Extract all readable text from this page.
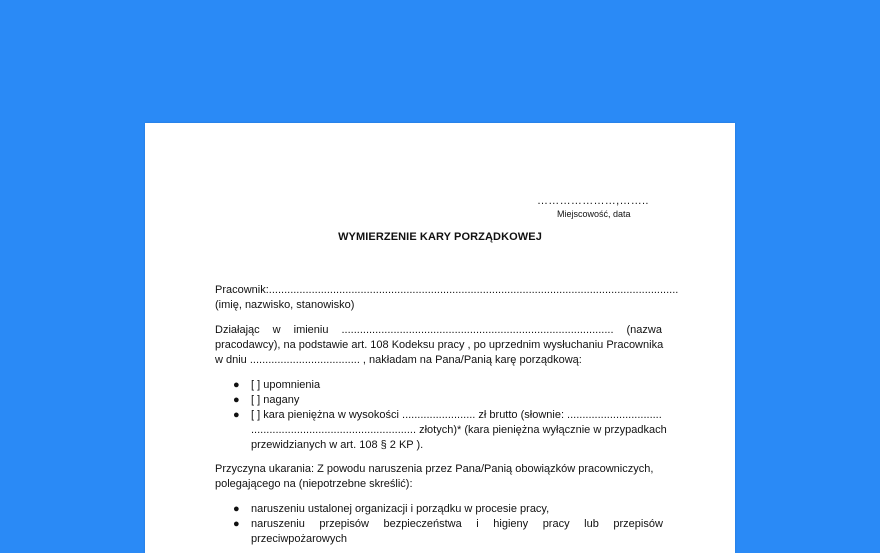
…………………,……..
Miejscowość, data
WYMIERZENIE KARY PORZĄDKOWEJ
Pracownik:......................................................................................................................................
(imię, nazwisko, stanowisko)
Działając w imieniu ......................................................................................... (nazwa
pracodawcy), na podstawie art. 108 Kodeksu pracy , po uprzednim wysłuchaniu Pracownika
w dniu .................................... , nakładam na Pana/Panią karę porządkową:
● [ ] upomnienia
● [ ] nagany
● [ ] kara pieniężna w wysokości ........................ zł brutto (słownie: ...............................
...................................................... złotych)* (kara pieniężna wyłącznie w przypadkach
przewidzianych w art. 108 § 2 KP ).
Przyczyna ukarania: Z powodu naruszenia przez Pana/Panią obowiązków pracowniczych,
polegającego na (niepotrzebne skreślić):
● naruszeniu ustalonej organizacji i porządku w procesie pracy,
● naruszeniu przepisów bezpieczeństwa i higieny pracy lub przepisów
przeciwpożarowych
